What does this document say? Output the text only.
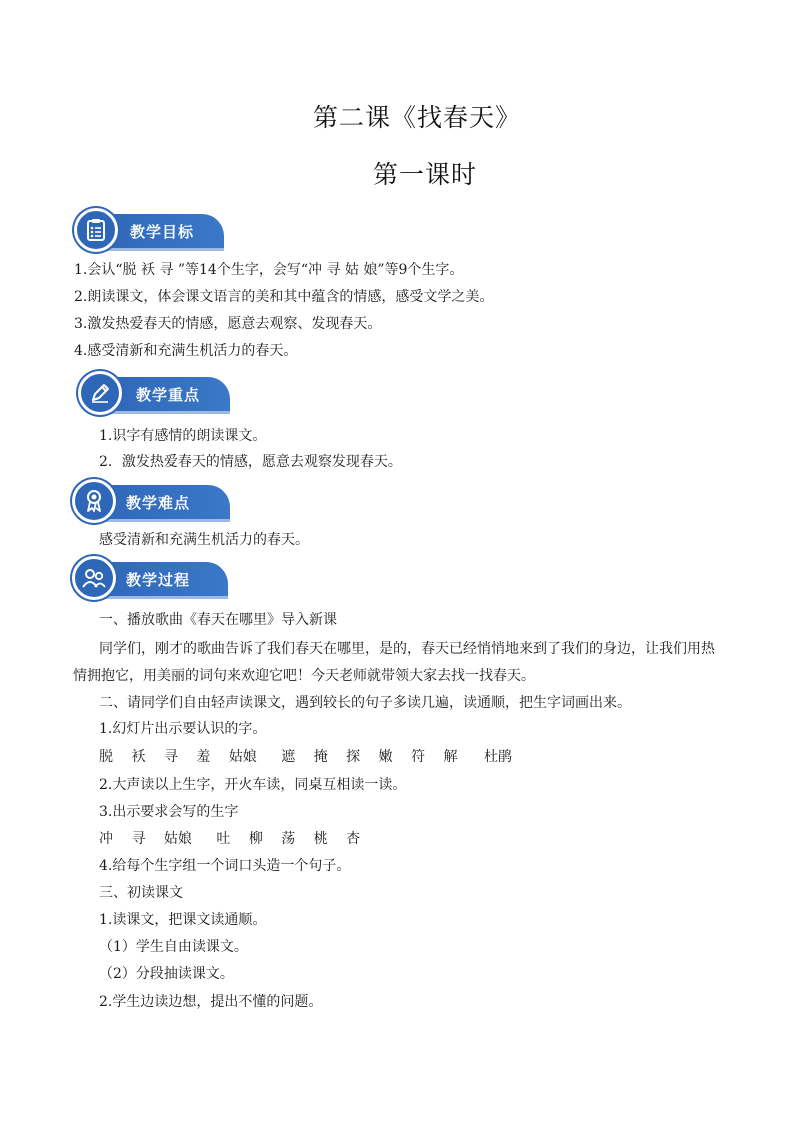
第二课《找春天》
第一课时
教学目标
1.会认“脱 袄 寻 ”等14个生字，会写“冲 寻 姑 娘”等9个生字。
2.朗读课文，体会课文语言的美和其中蕴含的情感，感受文学之美。
3.激发热爱春天的情感，愿意去观察、发现春天。
4.感受清新和充满生机活力的春天。
教学重点
1.识字有感情的朗读课文。
2．激发热爱春天的情感，愿意去观察发现春天。
教学难点
感受清新和充满生机活力的春天。
教学过程
一、播放歌曲《春天在哪里》导入新课
同学们，刚才的歌曲告诉了我们春天在哪里，是的，春天已经悄悄地来到了我们的身边，让我们用热
情拥抱它，用美丽的词句来欢迎它吧！今天老师就带领大家去找一找春天。
二、请同学们自由轻声读课文，遇到较长的句子多读几遍，读通顺，把生字词画出来。
1.幻灯片出示要认识的字。
脱 袄 寻 羞 姑娘 遮 掩 探 嫩 符 解 杜鹃
2.大声读以上生字，开火车读，同桌互相读一读。
3.出示要求会写的生字
冲 寻 姑娘 吐 柳 荡 桃 杏
4.给每个生字组一个词口头造一个句子。
三、初读课文
1.读课文，把课文读通顺。
（1）学生自由读课文。
（2）分段抽读课文。
2.学生边读边想，提出不懂的问题。
